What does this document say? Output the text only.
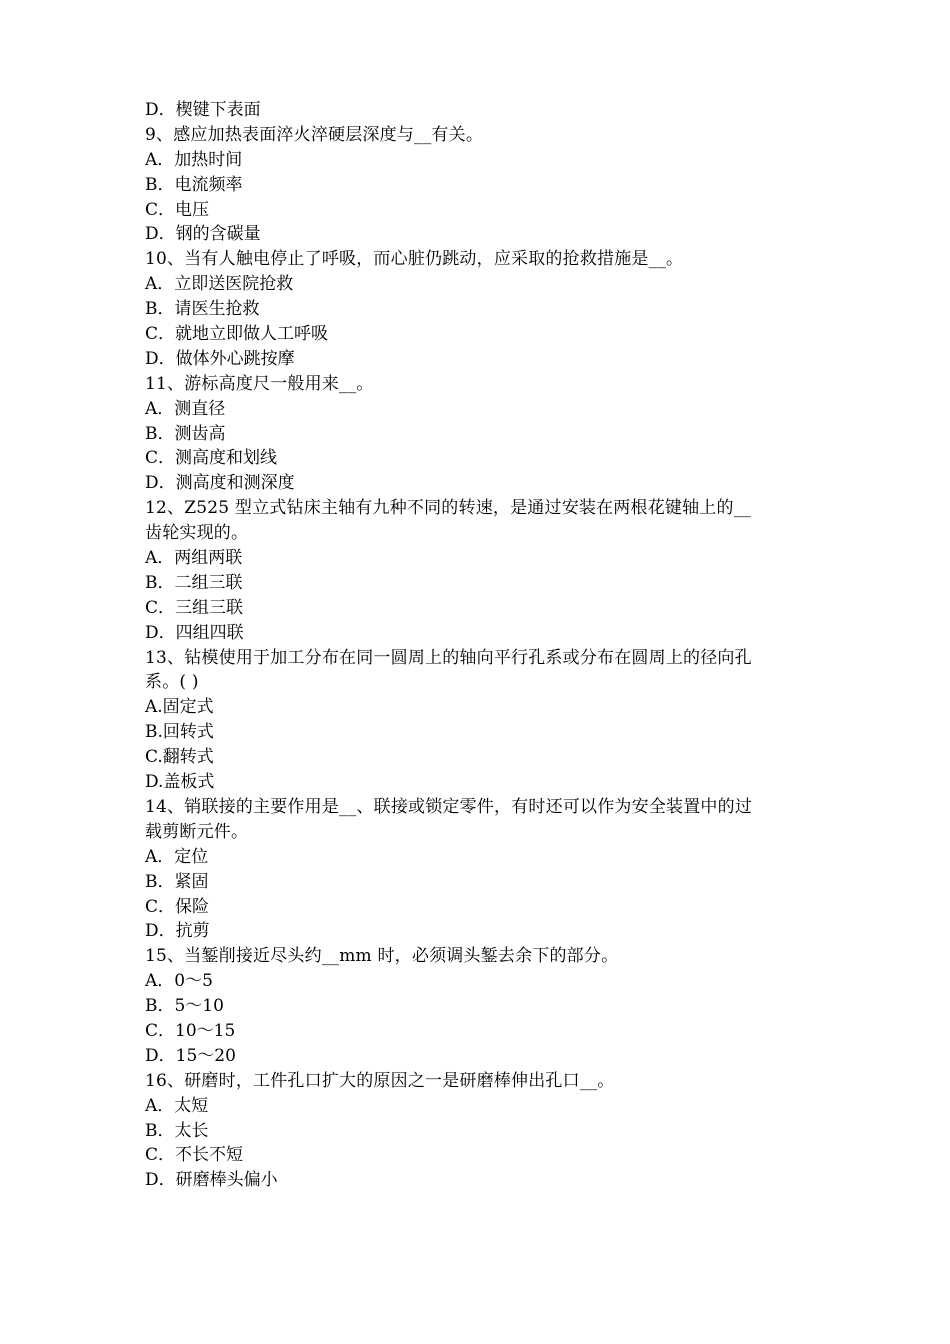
D．楔键下表面
9、感应加热表面淬火淬硬层深度与__有关。
A．加热时间
B．电流频率
C．电压
D．钢的含碳量
10、当有人触电停止了呼吸，而心脏仍跳动，应采取的抢救措施是__。
A．立即送医院抢救
B．请医生抢救
C．就地立即做人工呼吸
D．做体外心跳按摩
11、游标高度尺一般用来__。
A．测直径
B．测齿高
C．测高度和划线
D．测高度和测深度
12、Z525 型立式钻床主轴有九种不同的转速，是通过安装在两根花键轴上的__
齿轮实现的。
A．两组两联
B．二组三联
C．三组三联
D．四组四联
13、钻模使用于加工分布在同一圆周上的轴向平行孔系或分布在圆周上的径向孔
系。( )
A.固定式
B.回转式
C.翻转式
D.盖板式
14、销联接的主要作用是__、联接或锁定零件，有时还可以作为安全装置中的过
载剪断元件。
A．定位
B．紧固
C．保险
D．抗剪
15、当錾削接近尽头约__mm 时，必须调头錾去余下的部分。
A．0～5
B．5～10
C．10～15
D．15～20
16、研磨时，工件孔口扩大的原因之一是研磨棒伸出孔口__。
A．太短
B．太长
C．不长不短
D．研磨棒头偏小
